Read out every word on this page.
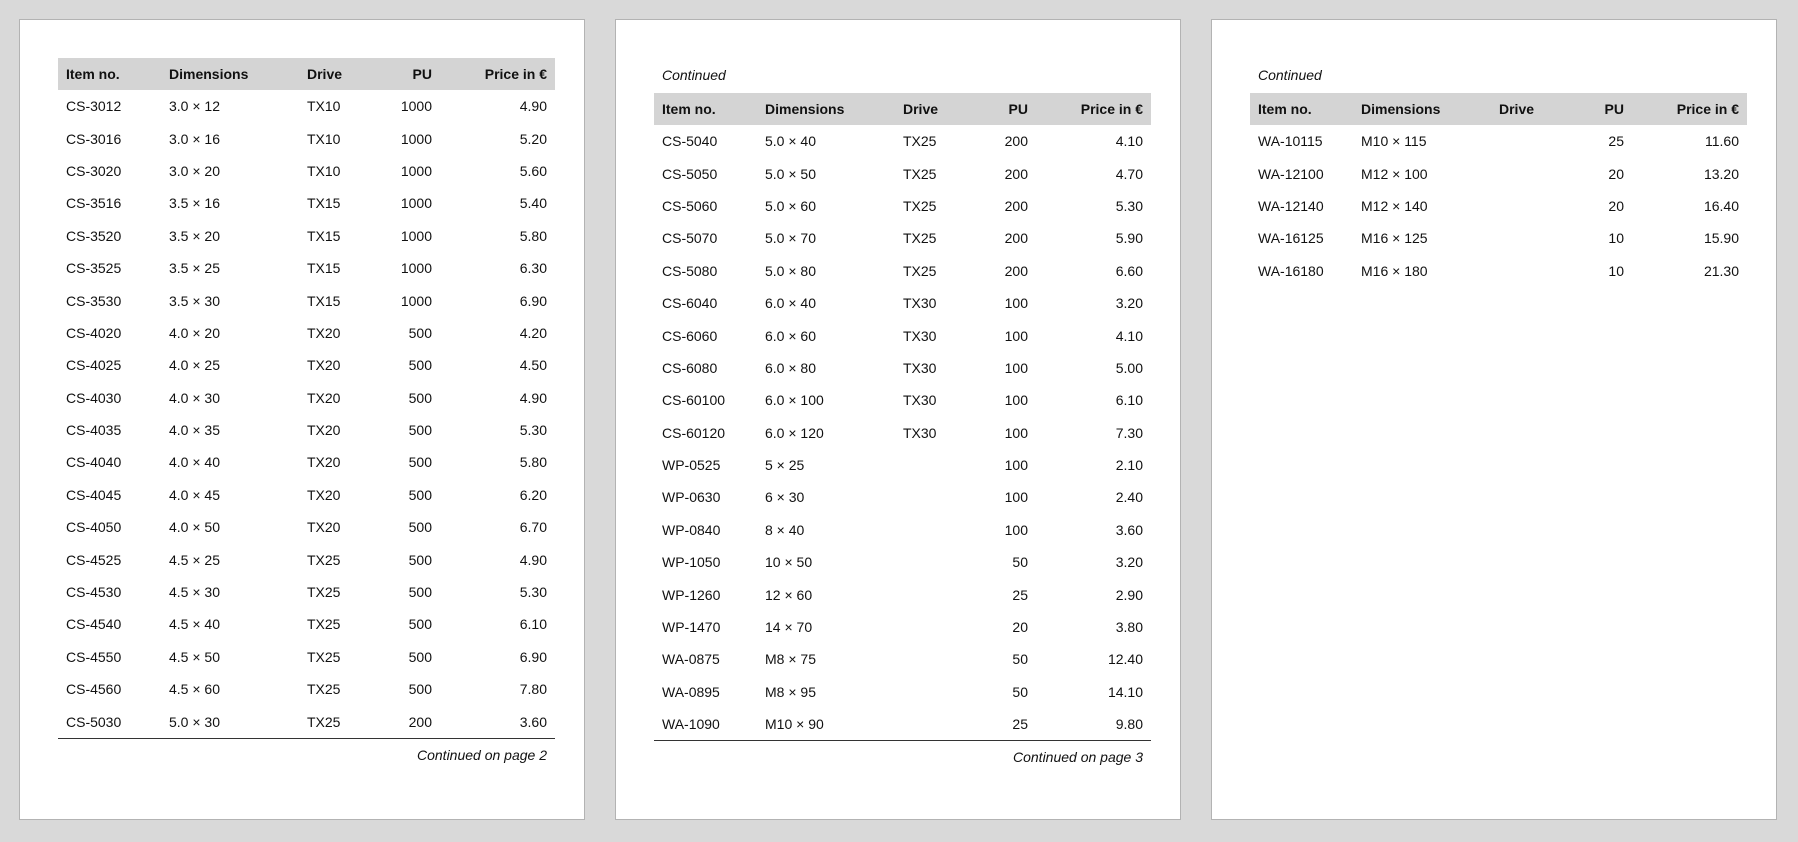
Item no.	Dimensions	Drive	PU	Price in €
CS-3012	3.0 × 12	TX10	1000	4.90
CS-3016	3.0 × 16	TX10	1000	5.20
CS-3020	3.0 × 20	TX10	1000	5.60
CS-3516	3.5 × 16	TX15	1000	5.40
CS-3520	3.5 × 20	TX15	1000	5.80
CS-3525	3.5 × 25	TX15	1000	6.30
CS-3530	3.5 × 30	TX15	1000	6.90
CS-4020	4.0 × 20	TX20	500	4.20
CS-4025	4.0 × 25	TX20	500	4.50
CS-4030	4.0 × 30	TX20	500	4.90
CS-4035	4.0 × 35	TX20	500	5.30
CS-4040	4.0 × 40	TX20	500	5.80
CS-4045	4.0 × 45	TX20	500	6.20
CS-4050	4.0 × 50	TX20	500	6.70
CS-4525	4.5 × 25	TX25	500	4.90
CS-4530	4.5 × 30	TX25	500	5.30
CS-4540	4.5 × 40	TX25	500	6.10
CS-4550	4.5 × 50	TX25	500	6.90
CS-4560	4.5 × 60	TX25	500	7.80
CS-5030	5.0 × 30	TX25	200	3.60
Continued on page 2
Continued
Item no.	Dimensions	Drive	PU	Price in €
CS-5040	5.0 × 40	TX25	200	4.10
CS-5050	5.0 × 50	TX25	200	4.70
CS-5060	5.0 × 60	TX25	200	5.30
CS-5070	5.0 × 70	TX25	200	5.90
CS-5080	5.0 × 80	TX25	200	6.60
CS-6040	6.0 × 40	TX30	100	3.20
CS-6060	6.0 × 60	TX30	100	4.10
CS-6080	6.0 × 80	TX30	100	5.00
CS-60100	6.0 × 100	TX30	100	6.10
CS-60120	6.0 × 120	TX30	100	7.30
WP-0525	5 × 25		100	2.10
WP-0630	6 × 30		100	2.40
WP-0840	8 × 40		100	3.60
WP-1050	10 × 50		50	3.20
WP-1260	12 × 60		25	2.90
WP-1470	14 × 70		20	3.80
WA-0875	M8 × 75		50	12.40
WA-0895	M8 × 95		50	14.10
WA-1090	M10 × 90		25	9.80
Continued on page 3
Continued
Item no.	Dimensions	Drive	PU	Price in €
WA-10115	M10 × 115		25	11.60
WA-12100	M12 × 100		20	13.20
WA-12140	M12 × 140		20	16.40
WA-16125	M16 × 125		10	15.90
WA-16180	M16 × 180		10	21.30
